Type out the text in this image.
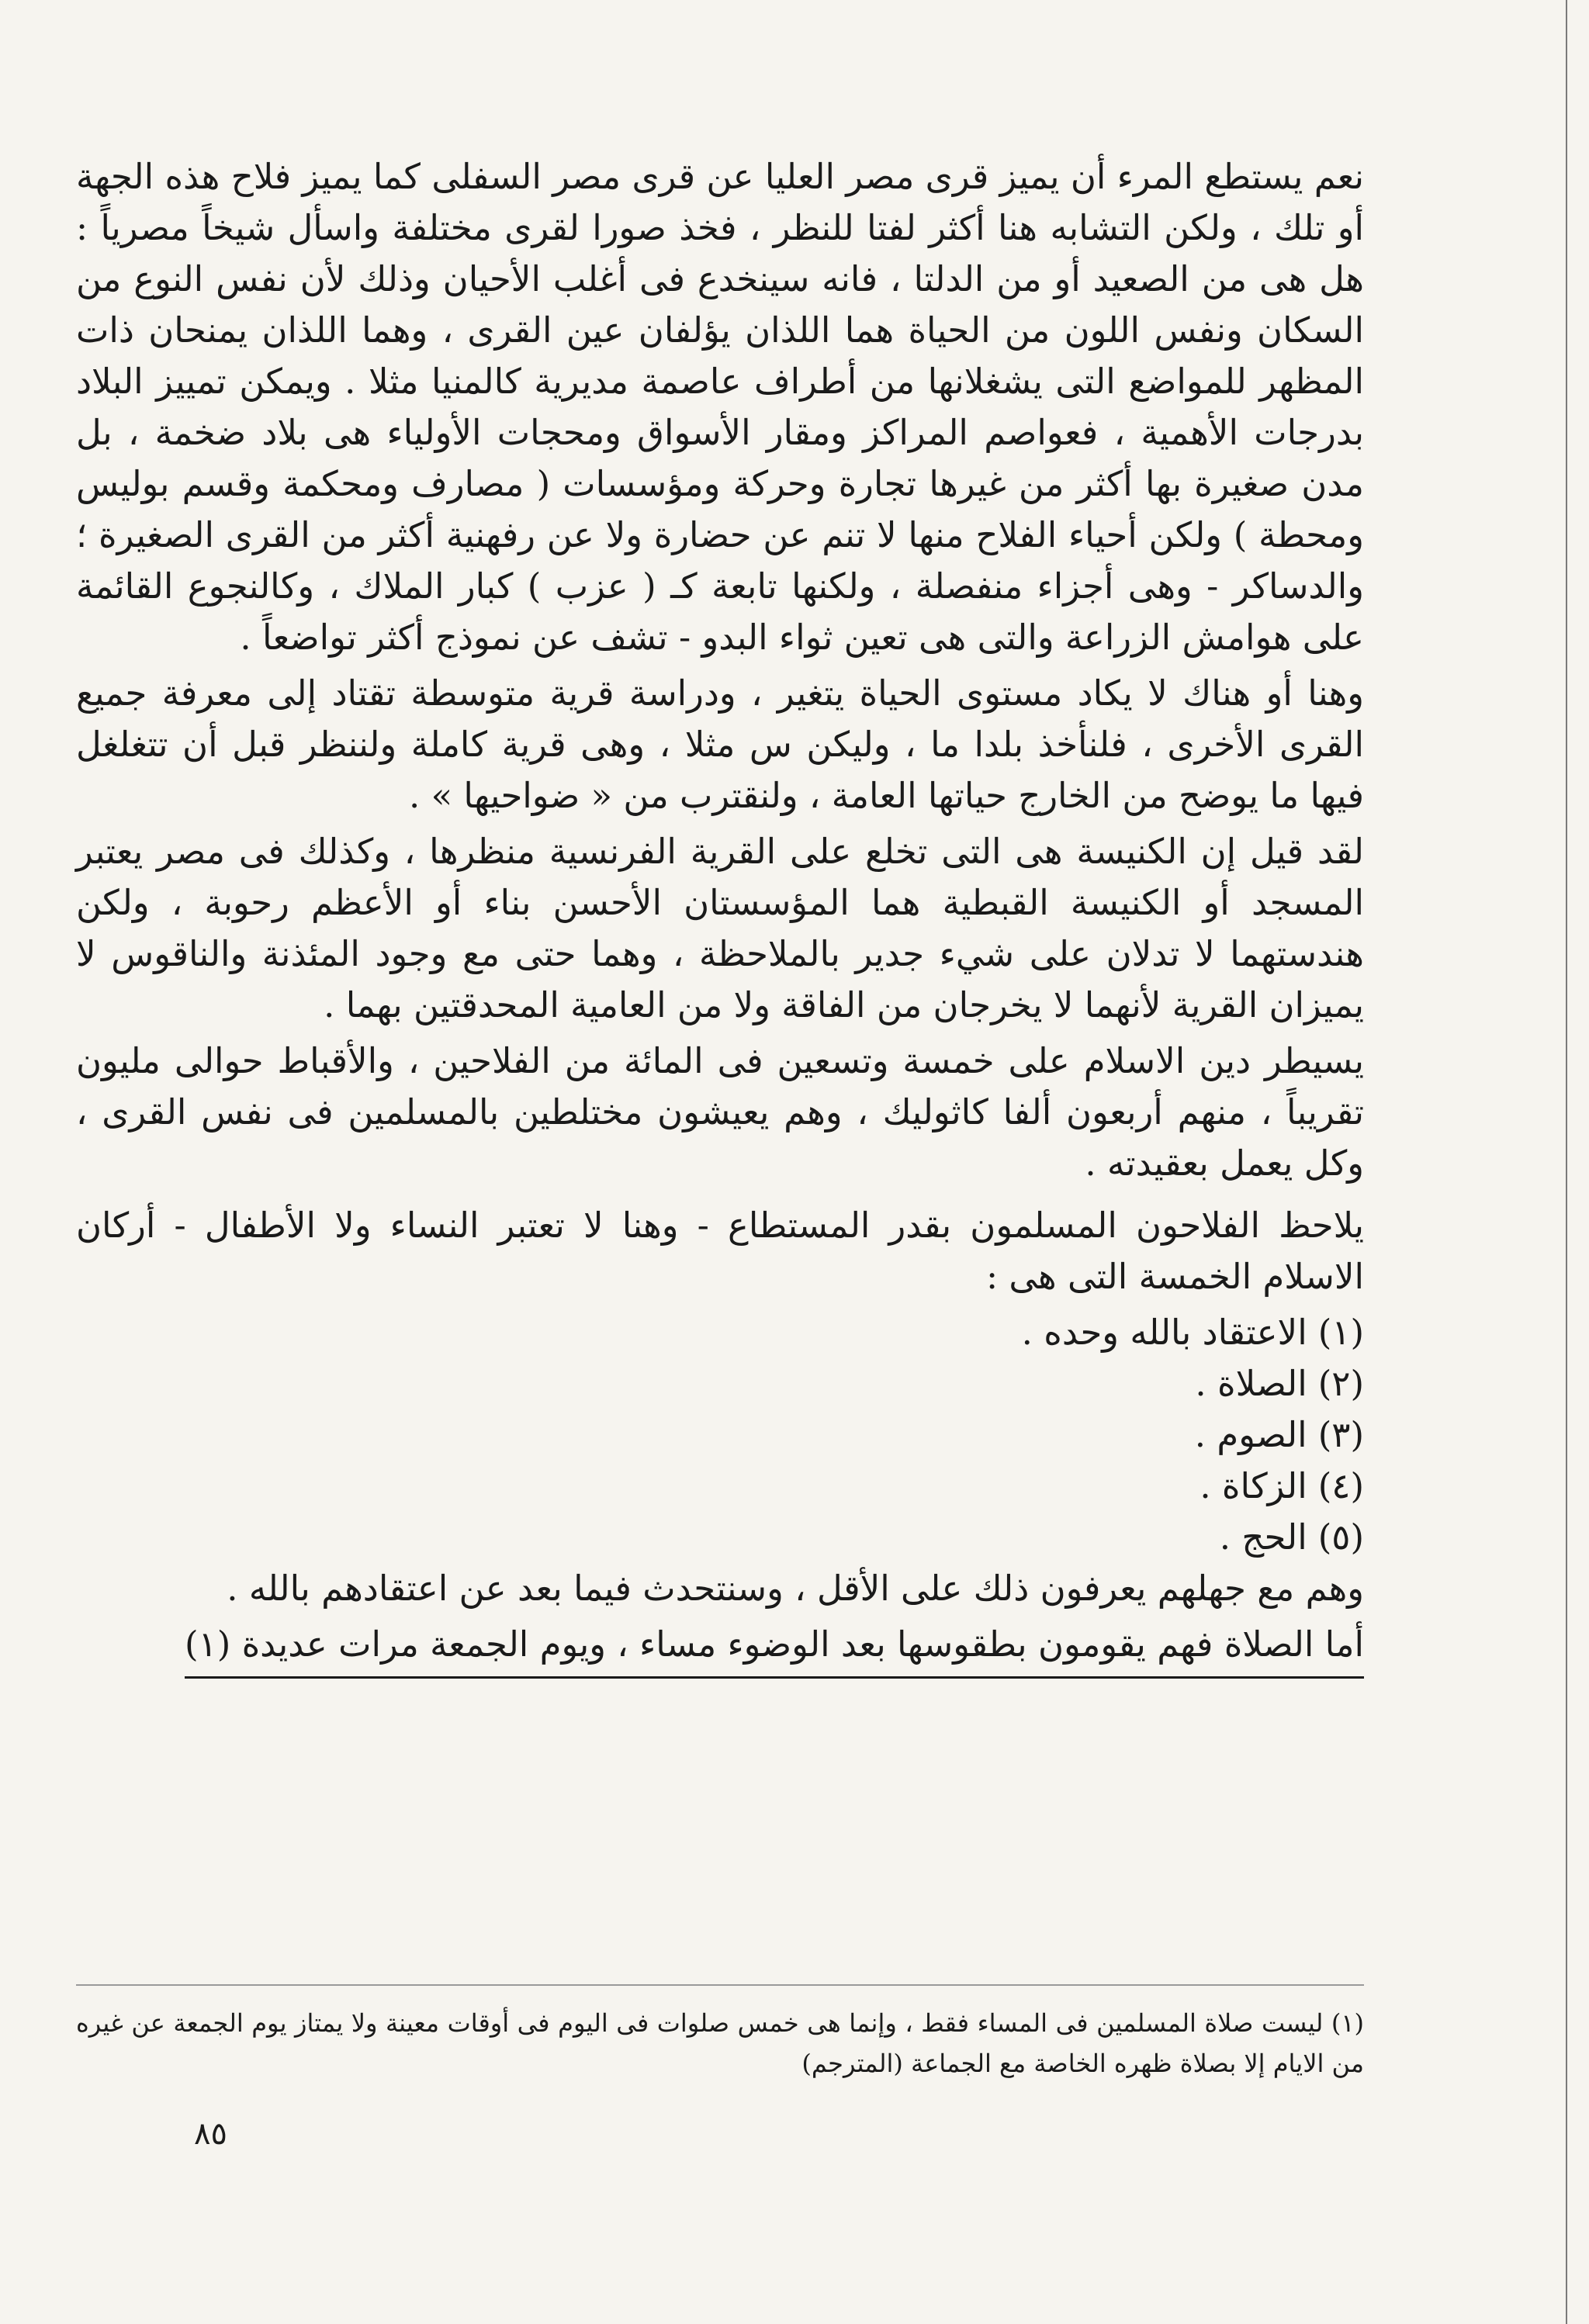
نعم يستطع المرء أن يميز قرى مصر العليا عن قرى مصر السفلى كما يميز فلاح هذه الجهة أو تلك ، ولكن التشابه هنا أكثر لفتا للنظر ، فخذ صورا لقرى مختلفة واسأل شيخاً مصرياً : هل هى من الصعيد أو من الدلتا ، فانه سينخدع فى أغلب الأحيان وذلك لأن نفس النوع من السكان ونفس اللون من الحياة هما اللذان يؤلفان عين القرى ، وهما اللذان يمنحان ذات المظهر للمواضع التى يشغلانها من أطراف عاصمة مديرية كالمنيا مثلا . ويمكن تمييز البلاد بدرجات الأهمية ، فعواصم المراكز ومقار الأسواق ومحجات الأولياء هى بلاد ضخمة ، بل مدن صغيرة بها أكثر من غيرها تجارة وحركة ومؤسسات ( مصارف ومحكمة وقسم بوليس ومحطة ) ولكن أحياء الفلاح منها لا تنم عن حضارة ولا عن رفهنية أكثر من القرى الصغيرة ؛ والدساكر - وهى أجزاء منفصلة ، ولكنها تابعة كـ ( عزب ) كبار الملاك ، وكالنجوع القائمة على هوامش الزراعة والتى هى تعين ثواء البدو - تشف عن نموذج أكثر تواضعاً .

وهنا أو هناك لا يكاد مستوى الحياة يتغير ، ودراسة قرية متوسطة تقتاد إلى معرفة جميع القرى الأخرى ، فلنأخذ بلدا ما ، وليكن س مثلا ، وهى قرية كاملة ولننظر قبل أن تتغلغل فيها ما يوضح من الخارج حياتها العامة ، ولنقترب من « ضواحيها » .

لقد قيل إن الكنيسة هى التى تخلع على القرية الفرنسية منظرها ، وكذلك فى مصر يعتبر المسجد أو الكنيسة القبطية هما المؤسستان الأحسن بناء أو الأعظم رحوبة ، ولكن هندستهما لا تدلان على شيء جدير بالملاحظة ، وهما حتى مع وجود المئذنة والناقوس لا يميزان القرية لأنهما لا يخرجان من الفاقة ولا من العامية المحدقتين بهما .

يسيطر دين الاسلام على خمسة وتسعين فى المائة من الفلاحين ، والأقباط حوالى مليون تقريباً ، منهم أربعون ألفا كاثوليك ، وهم يعيشون مختلطين بالمسلمين فى نفس القرى ، وكل يعمل بعقيدته .

يلاحظ الفلاحون المسلمون بقدر المستطاع - وهنا لا تعتبر النساء ولا الأطفال - أركان الاسلام الخمسة التى هى :

(١)الاعتقاد بالله وحده .
(٢)الصلاة .
(٣)الصوم .
(٤)الزكاة .
(٥)الحج .

وهم مع جهلهم يعرفون ذلك على الأقل ، وسنتحدث فيما بعد عن اعتقادهم بالله .

أما الصلاة فهم يقومون بطقوسها بعد الوضوء مساء ، ويوم الجمعة مرات عديدة (١)

(١) ليست صلاة المسلمين فى المساء فقط ، وإنما هى خمس صلوات فى اليوم فى أوقات معينة ولا يمتاز يوم الجمعة عن غيره من الايام إلا بصلاة ظهره الخاصة مع الجماعة (المترجم)
٨٥
